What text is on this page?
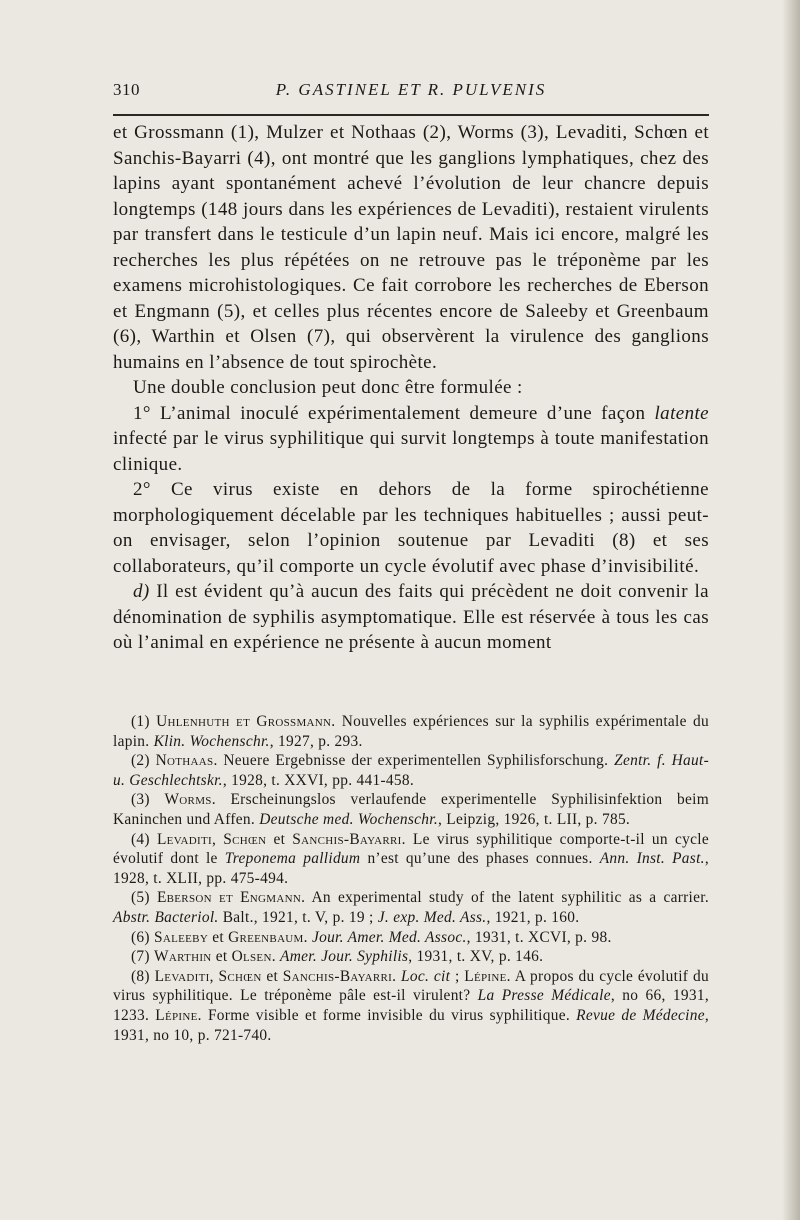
310	P. GASTINEL ET R. PULVENIS

et Grossmann (1), Mulzer et Nothaas (2), Worms (3), Levaditi, Schœn et Sanchis-Bayarri (4), ont montré que les ganglions lymphatiques, chez des lapins ayant spontanément achevé l’évolution de leur chancre depuis longtemps (148 jours dans les expériences de Levaditi), restaient virulents par transfert dans le testicule d’un lapin neuf. Mais ici encore, malgré les recherches les plus répétées on ne retrouve pas le tréponème par les examens microhistologiques. Ce fait corrobore les recherches de Eberson et Engmann (5), et celles plus récentes encore de Saleeby et Greenbaum (6), Warthin et Olsen (7), qui observèrent la virulence des ganglions humains en l’absence de tout spirochète.

Une double conclusion peut donc être formulée :

1° L’animal inoculé expérimentalement demeure d’une façon latente infecté par le virus syphilitique qui survit longtemps à toute manifestation clinique.

2° Ce virus existe en dehors de la forme spirochétienne morphologiquement décelable par les techniques habituelles ; aussi peut-on envisager, selon l’opinion soutenue par Levaditi (8) et ses collaborateurs, qu’il comporte un cycle évolutif avec phase d’invisibilité.

d) Il est évident qu’à aucun des faits qui précèdent ne doit convenir la dénomination de syphilis asymptomatique. Elle est réservée à tous les cas où l’animal en expérience ne présente à aucun moment

(1) Uhlenhuth et Grossmann. Nouvelles expériences sur la syphilis expérimentale du lapin. Klin. Wochenschr., 1927, p. 293.

(2) Nothaas. Neuere Ergebnisse der experimentellen Syphilisforschung. Zentr. f. Haut- u. Geschlechtskr., 1928, t. XXVI, pp. 441-458.

(3) Worms. Erscheinungslos verlaufende experimentelle Syphilisinfektion beim Kaninchen und Affen. Deutsche med. Wochenschr., Leipzig, 1926, t. LII, p. 785.

(4) Levaditi, Schœn et Sanchis-Bayarri. Le virus syphilitique comporte-t-il un cycle évolutif dont le Treponema pallidum n’est qu’une des phases connues. Ann. Inst. Past., 1928, t. XLII, pp. 475-494.

(5) Eberson et Engmann. An experimental study of the latent syphilitic as a carrier. Abstr. Bacteriol. Balt., 1921, t. V, p. 19 ; J. exp. Med. Ass., 1921, p. 160.

(6) Saleeby et Greenbaum. Jour. Amer. Med. Assoc., 1931, t. XCVI, p. 98.

(7) Warthin et Olsen. Amer. Jour. Syphilis, 1931, t. XV, p. 146.

(8) Levaditi, Schœn et Sanchis-Bayarri. Loc. cit ; Lépine. A propos du cycle évolutif du virus syphilitique. Le tréponème pâle est-il virulent? La Presse Médicale, no 66, 1931, 1233. Lépine. Forme visible et forme invisible du virus syphilitique. Revue de Médecine, 1931, no 10, p. 721-740.
